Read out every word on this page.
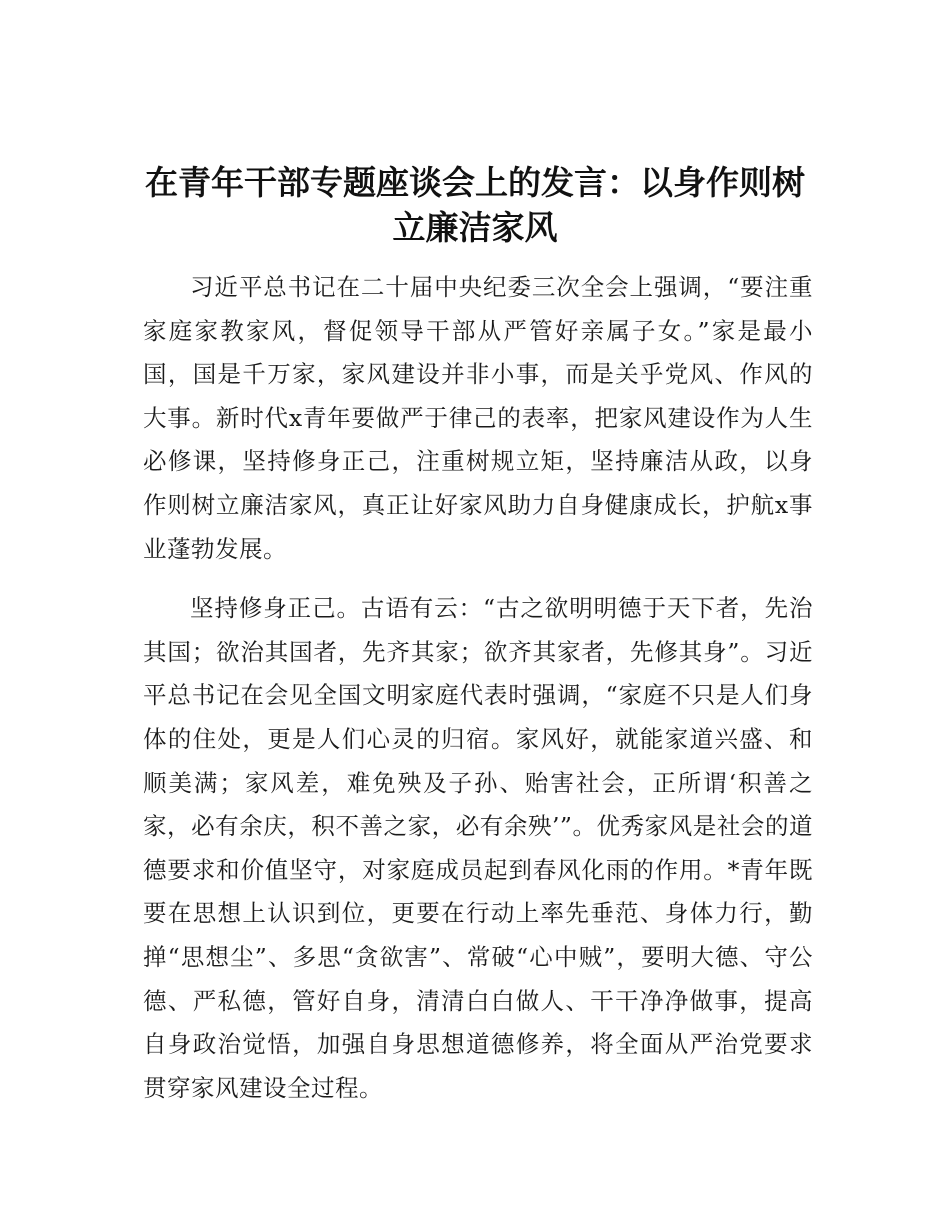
在青年干部专题座谈会上的发言：以身作则树立廉洁家风

习近平总书记在二十届中央纪委三次全会上强调，“要注重家庭家教家风，督促领导干部从严管好亲属子女。”家是最小国，国是千万家，家风建设并非小事，而是关乎党风、作风的大事。新时代x青年要做严于律己的表率，把家风建设作为人生必修课，坚持修身正己，注重树规立矩，坚持廉洁从政，以身作则树立廉洁家风，真正让好家风助力自身健康成长，护航x事业蓬勃发展。

坚持修身正己。古语有云：“古之欲明明德于天下者，先治其国；欲治其国者，先齐其家；欲齐其家者，先修其身”。习近平总书记在会见全国文明家庭代表时强调，“家庭不只是人们身体的住处，更是人们心灵的归宿。家风好，就能家道兴盛、和顺美满；家风差，难免殃及子孙、贻害社会，正所谓‘积善之家，必有余庆，积不善之家，必有余殃’”。优秀家风是社会的道德要求和价值坚守，对家庭成员起到春风化雨的作用。*青年既要在思想上认识到位，更要在行动上率先垂范、身体力行，勤掸“思想尘”、多思“贪欲害”、常破“心中贼”，要明大德、守公德、严私德，管好自身，清清白白做人、干干净净做事，提高自身政治觉悟，加强自身思想道德修养，将全面从严治党要求贯穿家风建设全过程。
